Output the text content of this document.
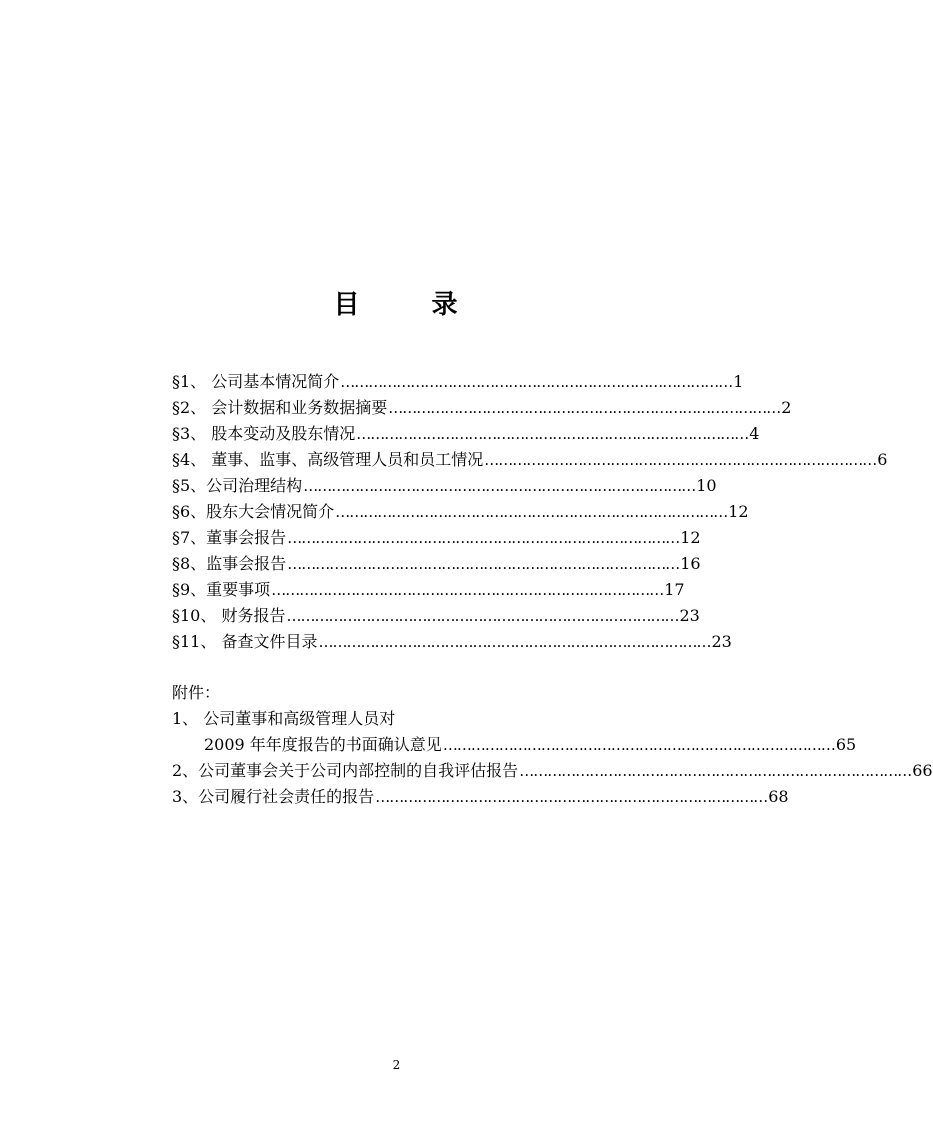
目	录
§1、 公司基本情况简介 ………………………………………………………………………… 1
§2、 会计数据和业务数据摘要 ………………………………………………………………………… 2
§3、 股本变动及股东情况 ………………………………………………………………………… 4
§4、 董事、监事、高级管理人员和员工情况 ………………………………………………………………………… 6
§5、公司治理结构 ………………………………………………………………………… 10
§6、股东大会情况简介 ………………………………………………………………………… 12
§7、董事会报告 ………………………………………………………………………… 12
§8、监事会报告 ………………………………………………………………………… 16
§9、重要事项 ………………………………………………………………………… 17
§10、 财务报告 ………………………………………………………………………… 23
§11、 备查文件目录 ………………………………………………………………………… 23
附件：
1、 公司董事和高级管理人员对
2009 年年度报告的书面确认意见 ………………………………………………………………………… 65
2、公司董事会关于公司内部控制的自我评估报告 ………………………………………………………………………… 66
3、公司履行社会责任的报告 ………………………………………………………………………… 68
2
